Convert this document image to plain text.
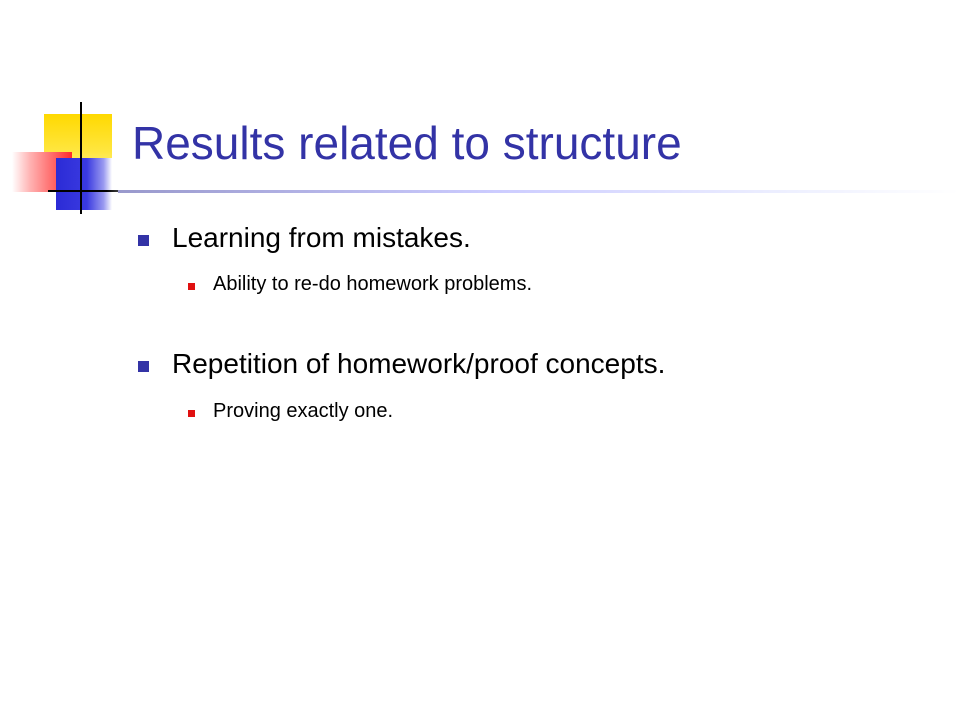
Results related to structure
Learning from mistakes.
Ability to re-do homework problems.
Repetition of homework/proof concepts.
Proving exactly one.
